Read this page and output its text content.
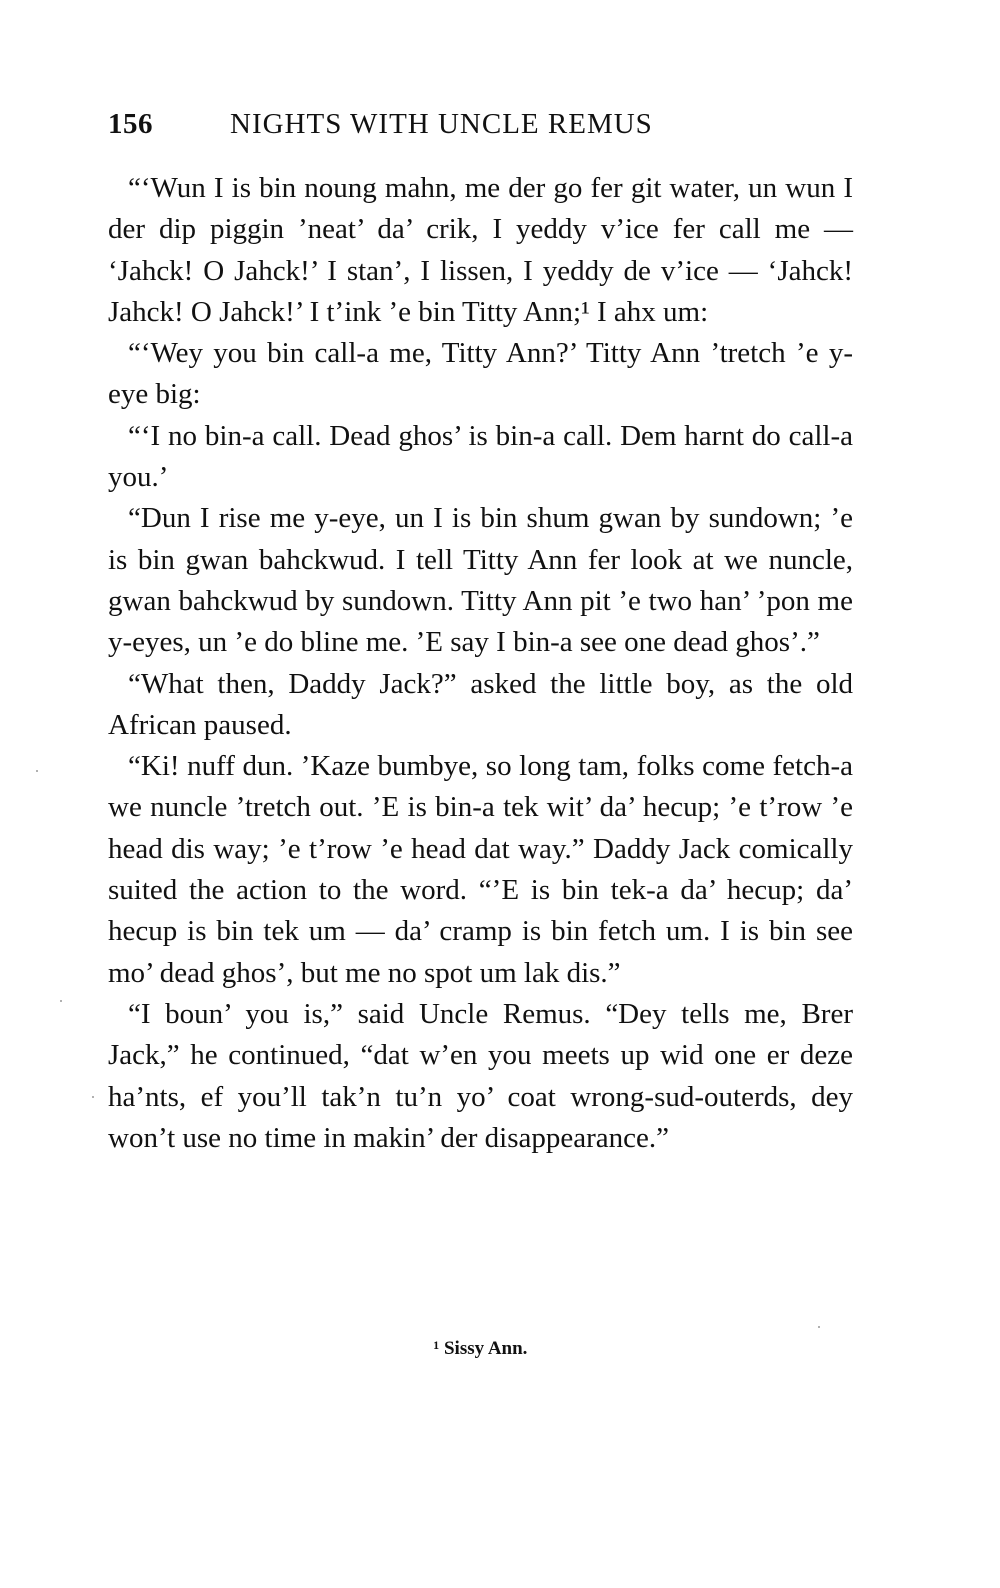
156	NIGHTS WITH UNCLE REMUS

“‘Wun I is bin noung mahn, me der go fer git water, un wun I der dip piggin ’neat’ da’ crik, I yeddy v’ice fer call me — ‘Jahck! O Jahck!’ I stan’, I lissen, I yeddy de v’ice — ‘Jahck! Jahck! O Jahck!’ I t’ink ’e bin Titty Ann;¹ I ahx um:

“‘Wey you bin call-a me, Titty Ann?’ Titty Ann ’tretch ’e y-eye big:

“‘I no bin-a call. Dead ghos’ is bin-a call. Dem harnt do call-a you.’

“Dun I rise me y-eye, un I is bin shum gwan by sundown; ’e is bin gwan bahckwud. I tell Titty Ann fer look at we nuncle, gwan bahckwud by sundown. Titty Ann pit ’e two han’ ’pon me y-eyes, un ’e do bline me. ’E say I bin-a see one dead ghos’.”

“What then, Daddy Jack?” asked the little boy, as the old African paused.

“Ki! nuff dun. ’Kaze bumbye, so long tam, folks come fetch-a we nuncle ’tretch out. ’E is bin-a tek wit’ da’ hecup; ’e t’row ’e head dis way; ’e t’row ’e head dat way.” Daddy Jack comically suited the action to the word. “’E is bin tek-a da’ hecup; da’ hecup is bin tek um — da’ cramp is bin fetch um. I is bin see mo’ dead ghos’, but me no spot um lak dis.”

“I boun’ you is,” said Uncle Remus. “Dey tells me, Brer Jack,” he continued, “dat w’en you meets up wid one er deze ha’nts, ef you’ll tak’n tu’n yo’ coat wrong-sud-outerds, dey won’t use no time in makin’ der disappearance.”

¹ Sissy Ann.
